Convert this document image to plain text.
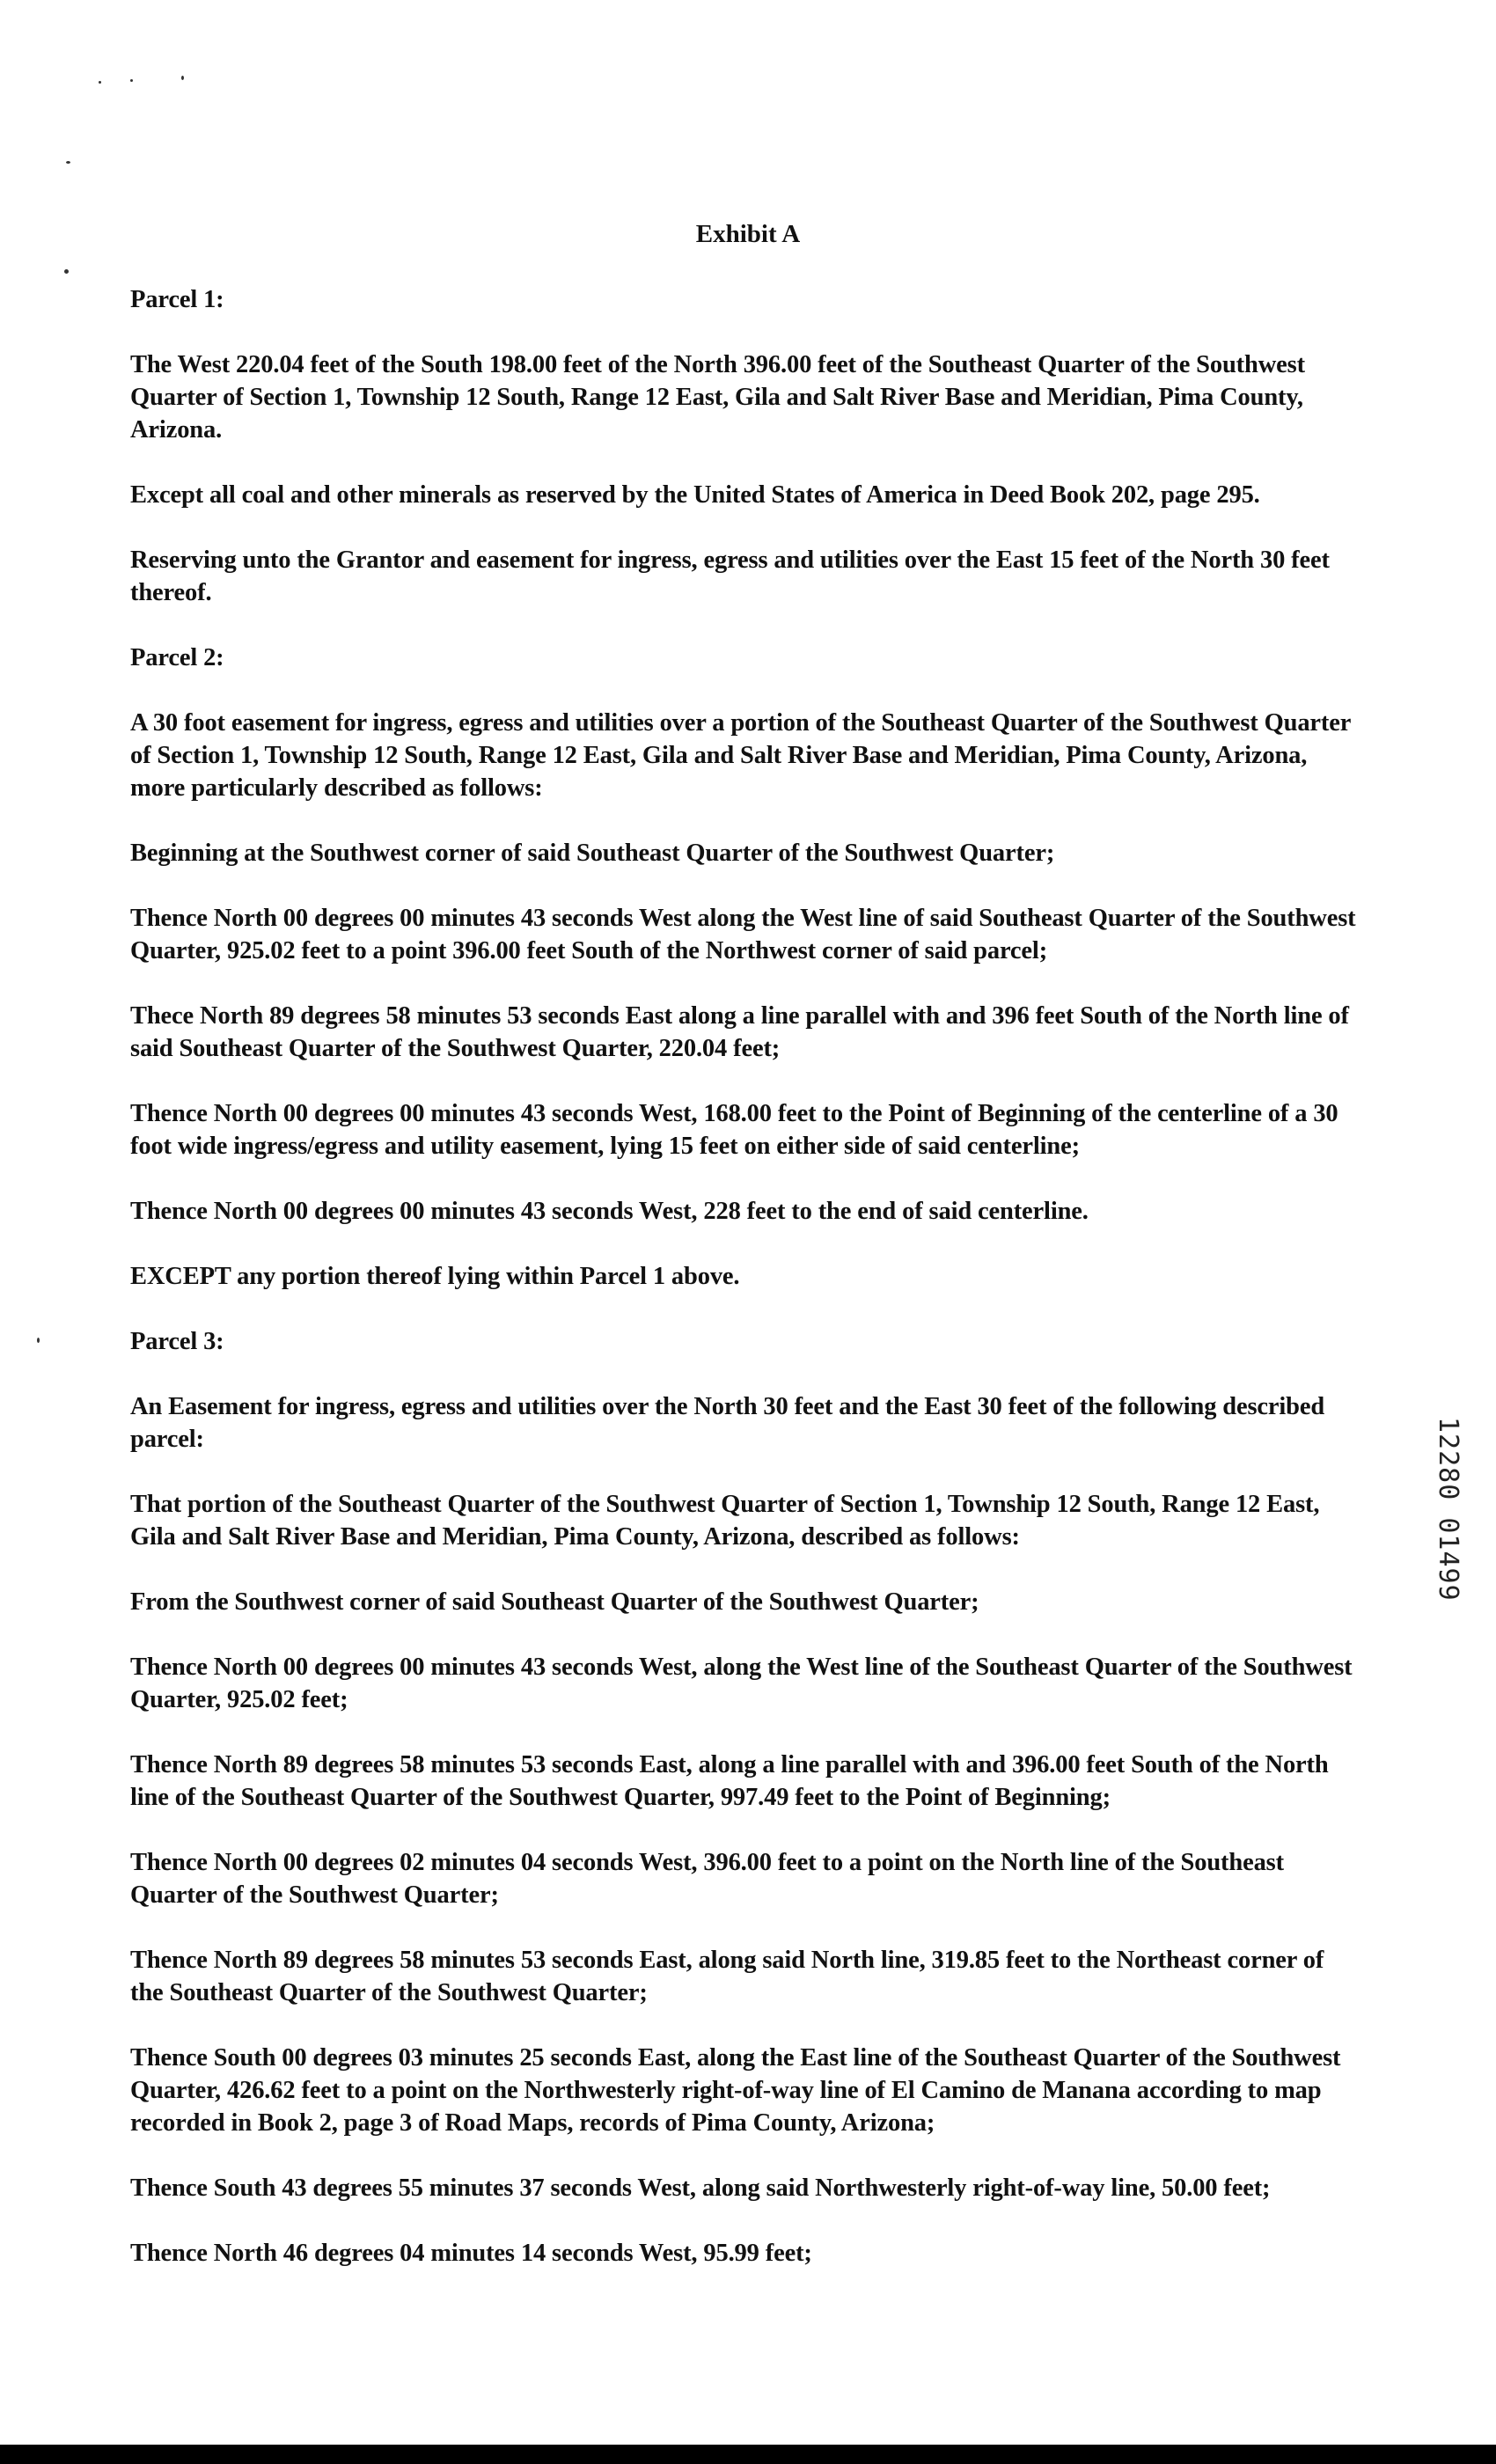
Exhibit A

Parcel 1:

The West 220.04 feet of the South 198.00 feet of the North 396.00 feet of the Southeast Quarter of the Southwest Quarter of Section 1, Township 12 South, Range 12 East, Gila and Salt River Base and Meridian, Pima County, Arizona.

Except all coal and other minerals as reserved by the United States of America in Deed Book 202, page 295.

Reserving unto the Grantor and easement for ingress, egress and utilities over the East 15 feet of the North 30 feet thereof.

Parcel 2:

A 30 foot easement for ingress, egress and utilities over a portion of the Southeast Quarter of the Southwest Quarter of Section 1, Township 12 South, Range 12 East, Gila and Salt River Base and Meridian, Pima County, Arizona, more particularly described as follows:

Beginning at the Southwest corner of said Southeast Quarter of the Southwest Quarter;

Thence North 00 degrees 00 minutes 43 seconds West along the West line of said Southeast Quarter of the Southwest Quarter, 925.02 feet to a point 396.00 feet South of the Northwest corner of said parcel;

Thece North 89 degrees 58 minutes 53 seconds East along a line parallel with and 396 feet South of the North line of said Southeast Quarter of the Southwest Quarter, 220.04 feet;

Thence North 00 degrees 00 minutes 43 seconds West, 168.00 feet to the Point of Beginning of the centerline of a 30 foot wide ingress/egress and utility easement, lying 15 feet on either side of said centerline;

Thence North 00 degrees 00 minutes 43 seconds West, 228 feet to the end of said centerline.

EXCEPT any portion thereof lying within Parcel 1 above.

Parcel 3:

An Easement for ingress, egress and utilities over the North 30 feet and the East 30 feet of the following described parcel:

That portion of the Southeast Quarter of the Southwest Quarter of Section 1, Township 12 South, Range 12 East, Gila and Salt River Base and Meridian, Pima County, Arizona, described as follows:

From the Southwest corner of said Southeast Quarter of the Southwest Quarter;

Thence North 00 degrees 00 minutes 43 seconds West, along the West line of the Southeast Quarter of the Southwest Quarter, 925.02 feet;

Thence North 89 degrees 58 minutes 53 seconds East, along a line parallel with and 396.00 feet South of the North line of the Southeast Quarter of the Southwest Quarter, 997.49 feet to the Point of Beginning;

Thence North 00 degrees 02 minutes 04 seconds West, 396.00 feet to a point on the North line of the Southeast Quarter of the Southwest Quarter;

Thence North 89 degrees 58 minutes 53 seconds East, along said North line, 319.85 feet to the Northeast corner of the Southeast Quarter of the Southwest Quarter;

Thence South 00 degrees 03 minutes 25 seconds East, along the East line of the Southeast Quarter of the Southwest Quarter, 426.62 feet to a point on the Northwesterly right-of-way line of El Camino de Manana according to map recorded in Book 2, page 3 of Road Maps, records of Pima County, Arizona;

Thence South 43 degrees 55 minutes 37 seconds West, along said Northwesterly right-of-way line, 50.00 feet;

Thence North 46 degrees 04 minutes 14 seconds West, 95.99 feet;

12280 01499
